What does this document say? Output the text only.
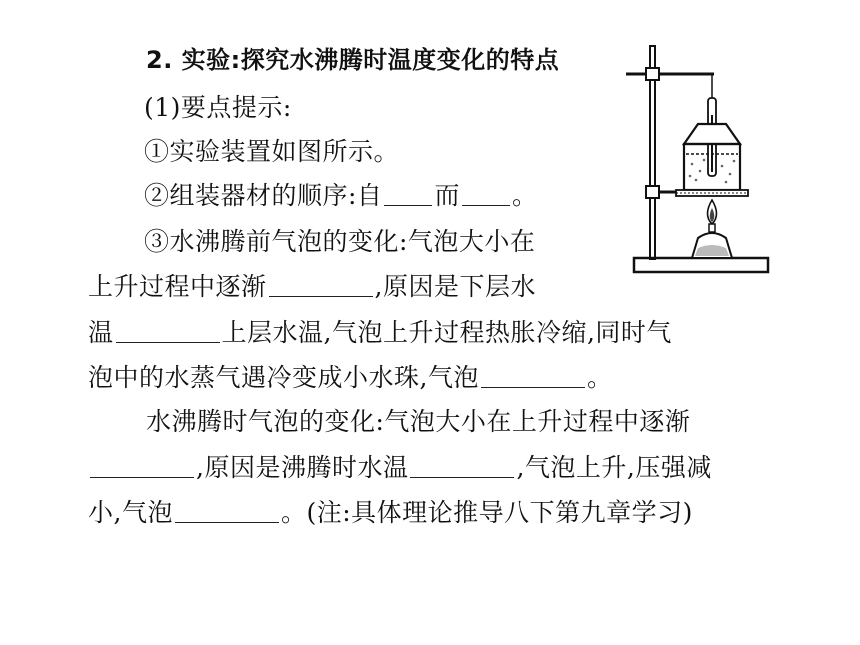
2. 实验:探究水沸腾时温度变化的特点
(1)要点提示:
①实验装置如图所示。
②组装器材的顺序:自 而 。
③水沸腾前气泡的变化:气泡大小在
上升过程中逐渐	,原因是下层水
温	上层水温,气泡上升过程热胀冷缩,同时气
泡中的水蒸气遇冷变成小水珠,气泡	。
水沸腾时气泡的变化:气泡大小在上升过程中逐渐
,原因是沸腾时水温	,气泡上升,压强减
小,气泡	。(注:具体理论推导八下第九章学习)
